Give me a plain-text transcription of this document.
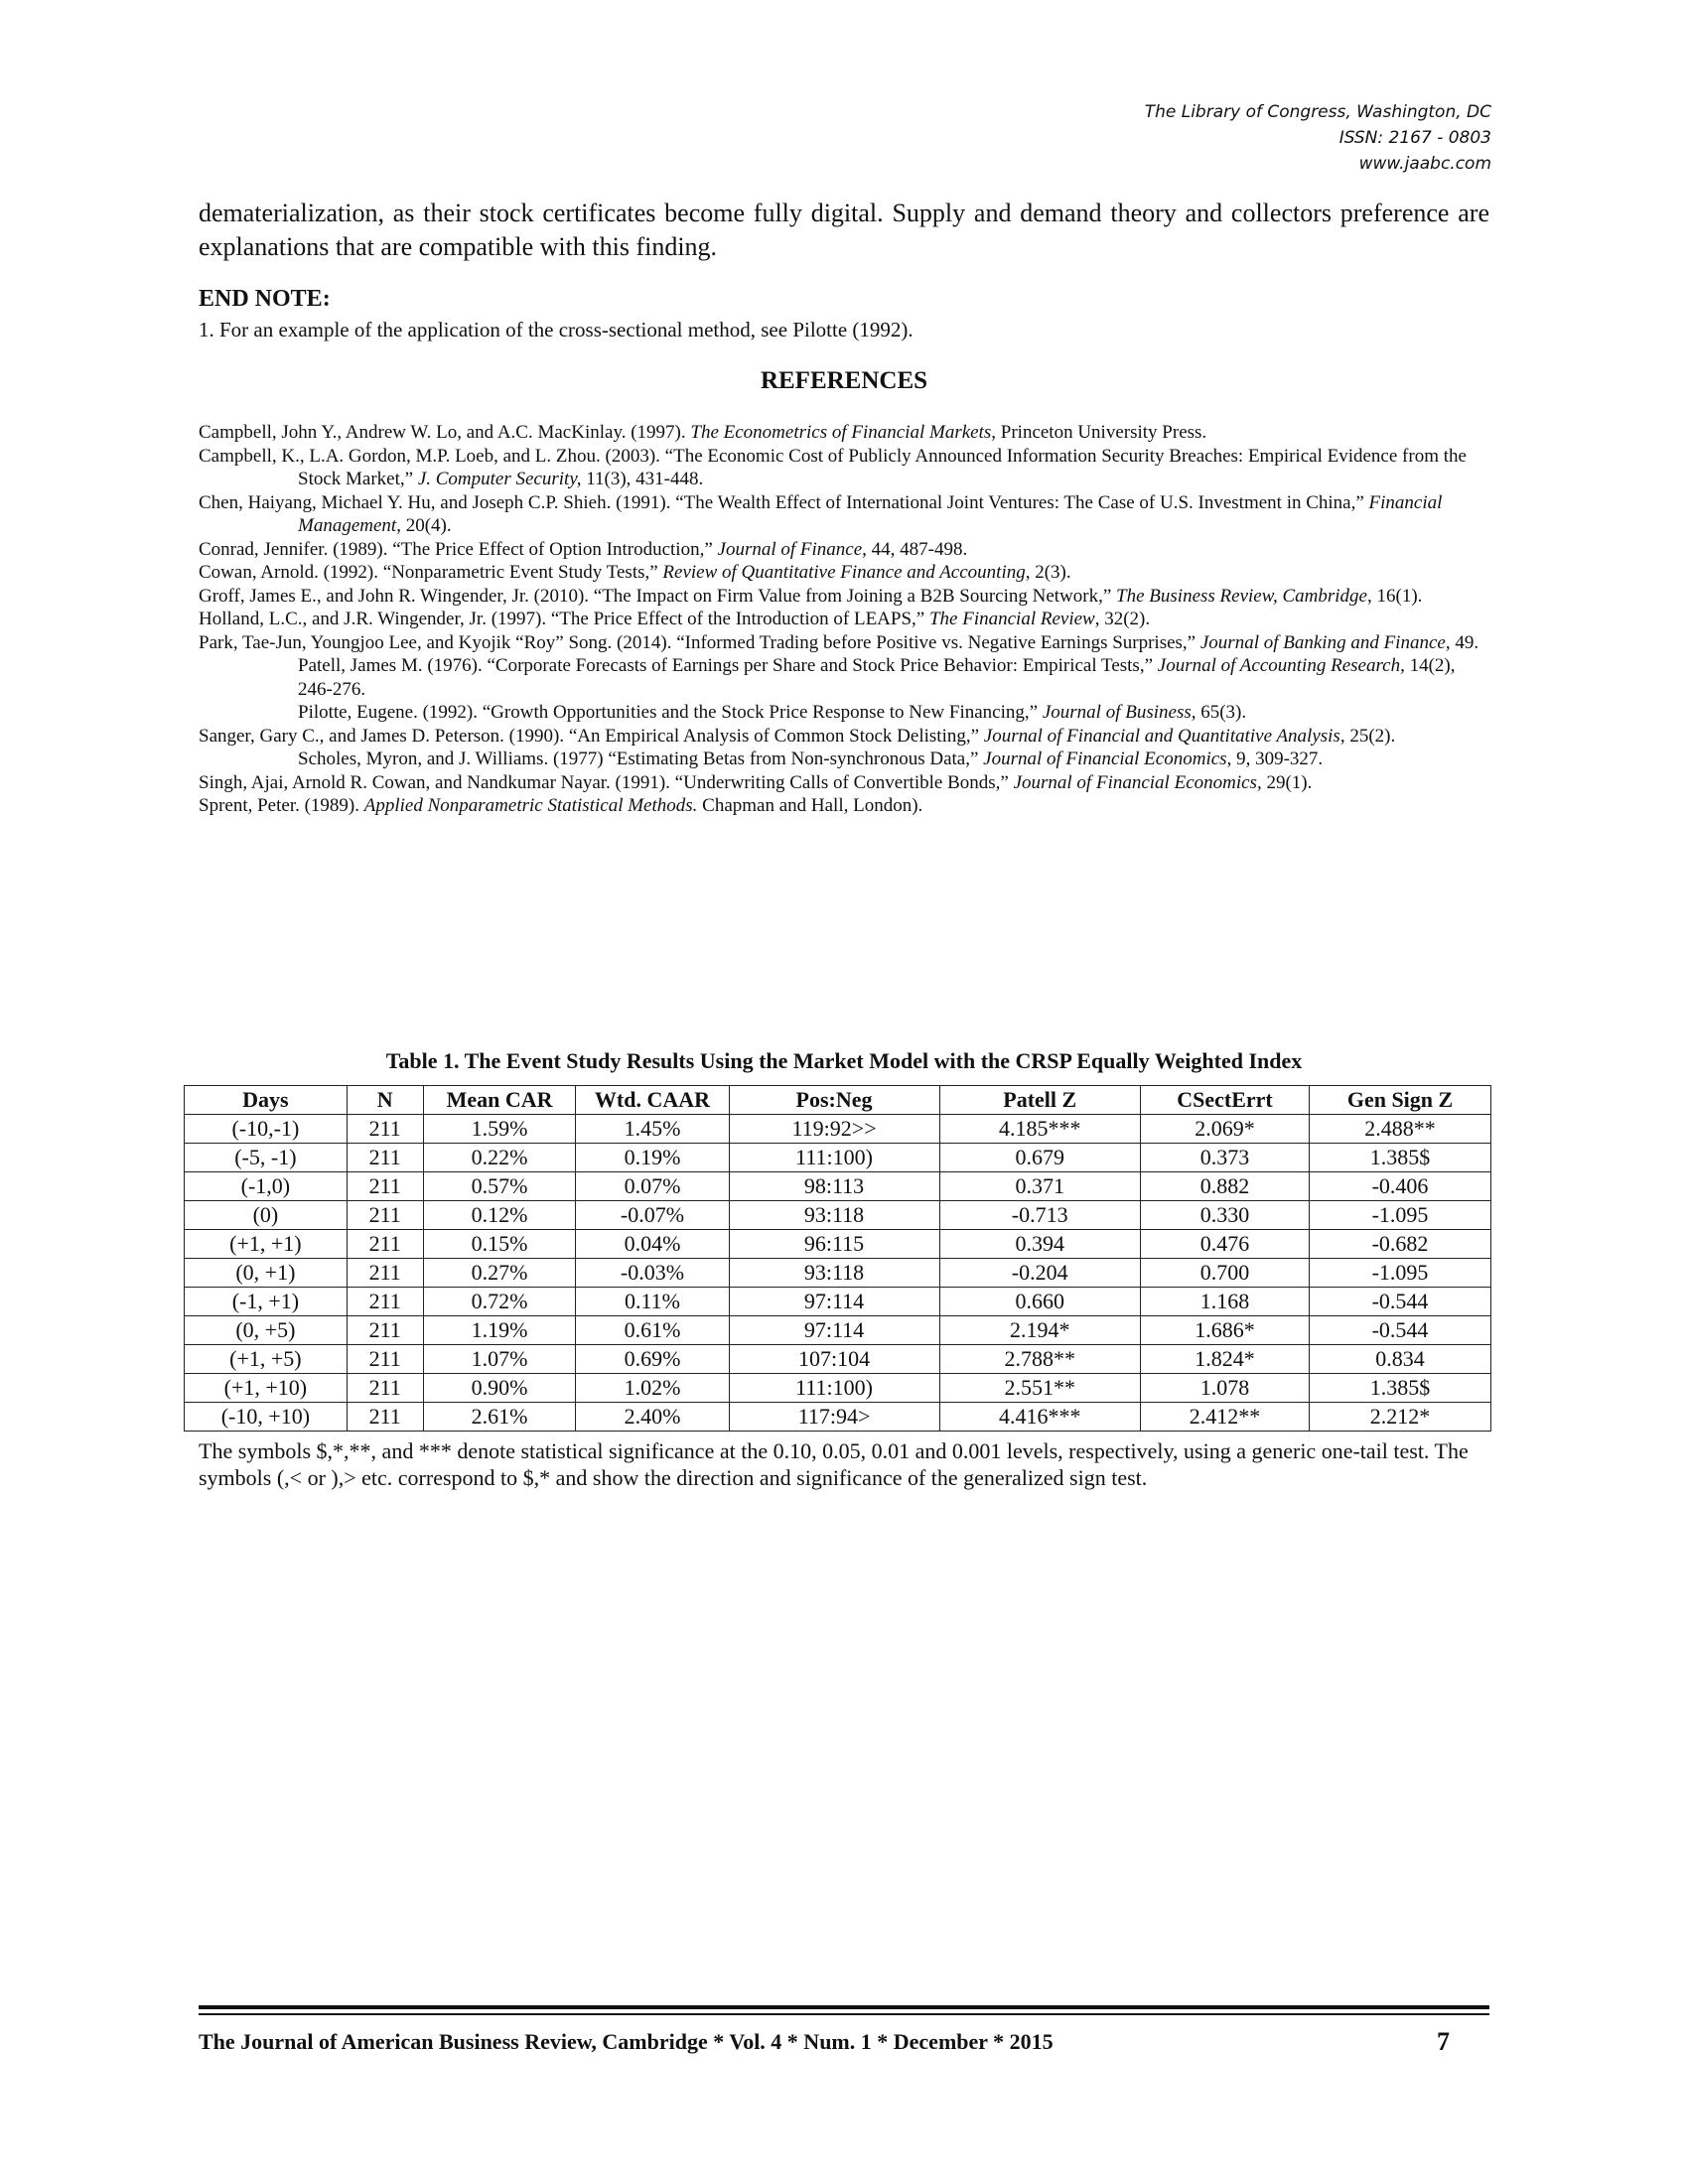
The Library of Congress, Washington, DC
ISSN: 2167 - 0803
www.jaabc.com
dematerialization, as their stock certificates become fully digital. Supply and demand theory and collectors preference are explanations that are compatible with this finding.
END NOTE:
1. For an example of the application of the cross-sectional method, see Pilotte (1992).
REFERENCES
Campbell, John Y., Andrew W. Lo, and A.C. MacKinlay. (1997). The Econometrics of Financial Markets, Princeton University Press.
Campbell, K., L.A. Gordon, M.P. Loeb, and L. Zhou. (2003). “The Economic Cost of Publicly Announced Information Security Breaches: Empirical Evidence from the Stock Market,” J. Computer Security, 11(3), 431-448.
Chen, Haiyang, Michael Y. Hu, and Joseph C.P. Shieh. (1991). “The Wealth Effect of International Joint Ventures: The Case of U.S. Investment in China,” Financial Management, 20(4).
Conrad, Jennifer. (1989). “The Price Effect of Option Introduction,” Journal of Finance, 44, 487-498.
Cowan, Arnold. (1992). “Nonparametric Event Study Tests,” Review of Quantitative Finance and Accounting, 2(3).
Groff, James E., and John R. Wingender, Jr. (2010). “The Impact on Firm Value from Joining a B2B Sourcing Network,” The Business Review, Cambridge, 16(1).
Holland, L.C., and J.R. Wingender, Jr. (1997). “The Price Effect of the Introduction of LEAPS,” The Financial Review, 32(2).
Park, Tae-Jun, Youngjoo Lee, and Kyojik “Roy” Song. (2014). “Informed Trading before Positive vs. Negative Earnings Surprises,” Journal of Banking and Finance, 49.
Patell, James M. (1976). “Corporate Forecasts of Earnings per Share and Stock Price Behavior: Empirical Tests,” Journal of Accounting Research, 14(2), 246-276.
Pilotte, Eugene. (1992). “Growth Opportunities and the Stock Price Response to New Financing,” Journal of Business, 65(3).
Sanger, Gary C., and James D. Peterson. (1990). “An Empirical Analysis of Common Stock Delisting,” Journal of Financial and Quantitative Analysis, 25(2).
Scholes, Myron, and J. Williams. (1977) “Estimating Betas from Non-synchronous Data,” Journal of Financial Economics, 9, 309-327.
Singh, Ajai, Arnold R. Cowan, and Nandkumar Nayar. (1991). “Underwriting Calls of Convertible Bonds,” Journal of Financial Economics, 29(1).
Sprent, Peter. (1989). Applied Nonparametric Statistical Methods. Chapman and Hall, London).
Table 1. The Event Study Results Using the Market Model with the CRSP Equally Weighted Index
Days	N	Mean CAR	Wtd. CAAR	Pos:Neg	Patell Z	CSectErrt	Gen Sign Z
(-10,-1)	211	1.59%	1.45%	119:92>>	4.185***	2.069*	2.488**
(-5, -1)	211	0.22%	0.19%	111:100)	0.679	0.373	1.385$
(-1,0)	211	0.57%	0.07%	98:113	0.371	0.882	-0.406
(0)	211	0.12%	-0.07%	93:118	-0.713	0.330	-1.095
(+1, +1)	211	0.15%	0.04%	96:115	0.394	0.476	-0.682
(0, +1)	211	0.27%	-0.03%	93:118	-0.204	0.700	-1.095
(-1, +1)	211	0.72%	0.11%	97:114	0.660	1.168	-0.544
(0, +5)	211	1.19%	0.61%	97:114	2.194*	1.686*	-0.544
(+1, +5)	211	1.07%	0.69%	107:104	2.788**	1.824*	0.834
(+1, +10)	211	0.90%	1.02%	111:100)	2.551**	1.078	1.385$
(-10, +10)	211	2.61%	2.40%	117:94>	4.416***	2.412**	2.212*
The symbols $,*,**, and *** denote statistical significance at the 0.10, 0.05, 0.01 and 0.001 levels, respectively, using a generic one-tail test. The symbols (,< or ),> etc. correspond to $,* and show the direction and significance of the generalized sign test.
The Journal of American Business Review, Cambridge * Vol. 4 * Num. 1 * December * 2015	7
